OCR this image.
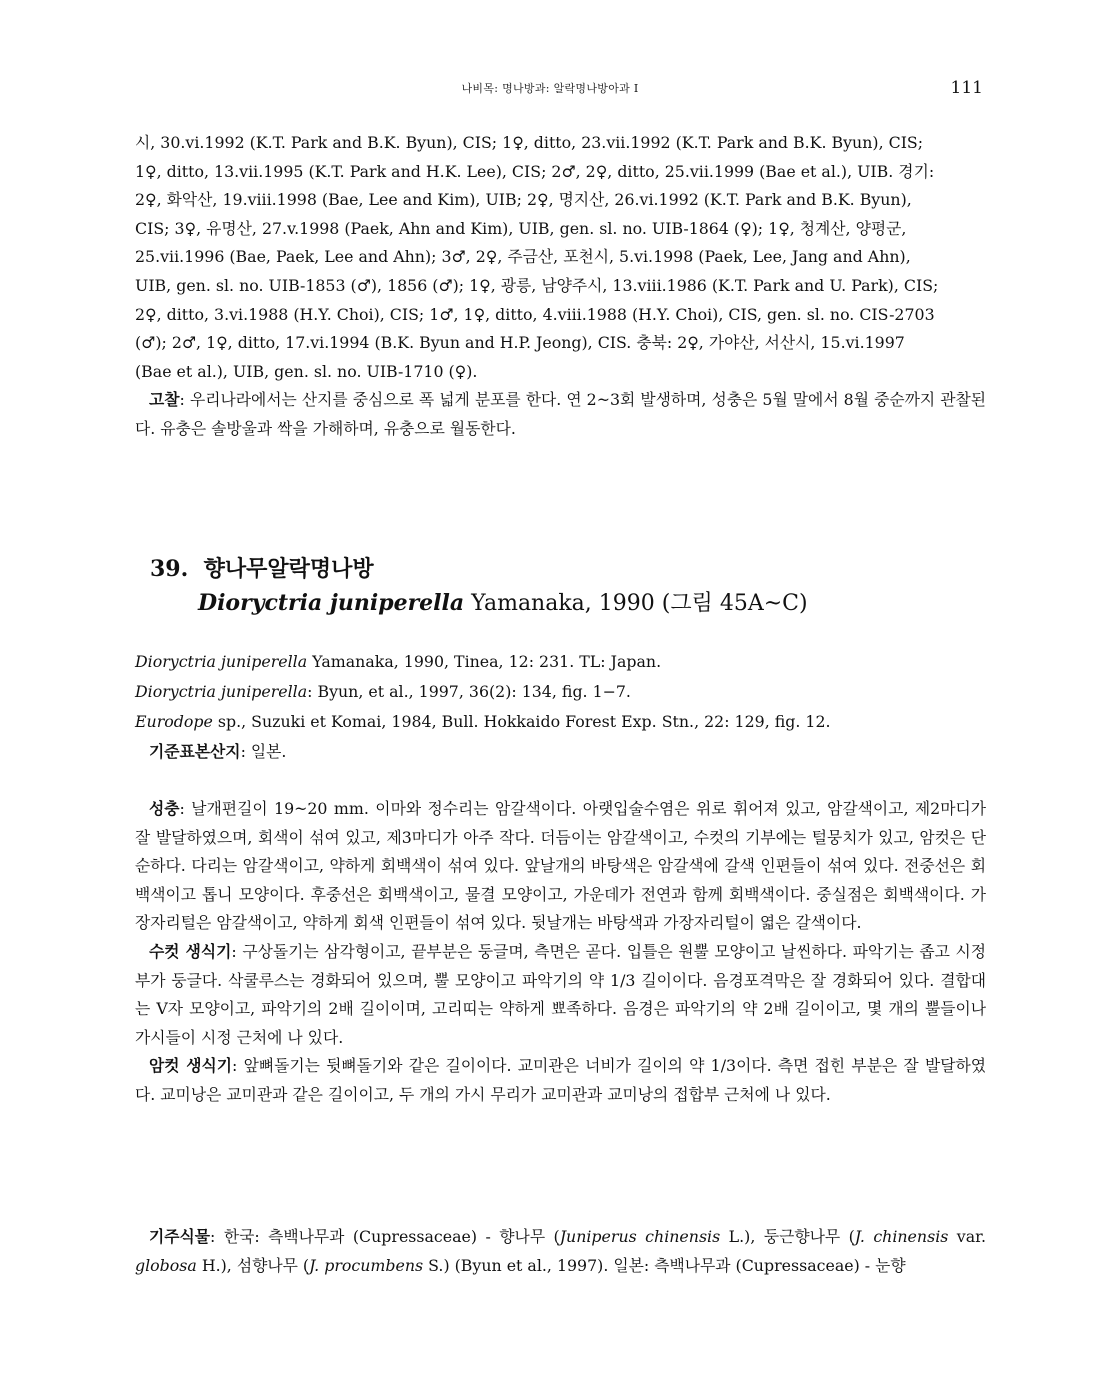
나비목: 명나방과: 알락명나방아과 I	111
시, 30.vi.1992 (K.T. Park and B.K. Byun), CIS; 1♀, ditto, 23.vii.1992 (K.T. Park and B.K. Byun), CIS;
1♀, ditto, 13.vii.1995 (K.T. Park and H.K. Lee), CIS; 2♂, 2♀, ditto, 25.vii.1999 (Bae et al.), UIB. 경기:
2♀, 화악산, 19.viii.1998 (Bae, Lee and Kim), UIB; 2♀, 명지산, 26.vi.1992 (K.T. Park and B.K. Byun),
CIS; 3♀, 유명산, 27.v.1998 (Paek, Ahn and Kim), UIB, gen. sl. no. UIB-1864 (♀); 1♀, 청계산, 양평군,
25.vii.1996 (Bae, Paek, Lee and Ahn); 3♂, 2♀, 주금산, 포천시, 5.vi.1998 (Paek, Lee, Jang and Ahn),
UIB, gen. sl. no. UIB-1853 (♂), 1856 (♂); 1♀, 광릉, 남양주시, 13.viii.1986 (K.T. Park and U. Park), CIS;
2♀, ditto, 3.vi.1988 (H.Y. Choi), CIS; 1♂, 1♀, ditto, 4.viii.1988 (H.Y. Choi), CIS, gen. sl. no. CIS-2703
(♂); 2♂, 1♀, ditto, 17.vi.1994 (B.K. Byun and H.P. Jeong), CIS. 충북: 2♀, 가야산, 서산시, 15.vi.1997
(Bae et al.), UIB, gen. sl. no. UIB-1710 (♀).

고찰: 우리나라에서는 산지를 중심으로 폭 넓게 분포를 한다. 연 2~3회 발생하며, 성충은 5월 말에서 8월 중순까지 관찰된다. 유충은 솔방울과 싹을 가해하며, 유충으로 월동한다.

39. 향나무알락명나방
Dioryctria juniperella Yamanaka, 1990 (그림 45A~C)
Dioryctria juniperella Yamanaka, 1990, Tinea, 12: 231. TL: Japan.
Dioryctria juniperella: Byun, et al., 1997, 36(2): 134, fig. 1−7.
Eurodope sp., Suzuki et Komai, 1984, Bull. Hokkaido Forest Exp. Stn., 22: 129, fig. 12.
기준표본산지: 일본.

성충: 날개편길이 19~20 mm. 이마와 정수리는 암갈색이다. 아랫입술수염은 위로 휘어져 있고, 암갈색이고, 제2마디가 잘 발달하였으며, 회색이 섞여 있고, 제3마디가 아주 작다. 더듬이는 암갈색이고, 수컷의 기부에는 털뭉치가 있고, 암컷은 단순하다. 다리는 암갈색이고, 약하게 회백색이 섞여 있다. 앞날개의 바탕색은 암갈색에 갈색 인편들이 섞여 있다. 전중선은 회백색이고 톱니 모양이다. 후중선은 회백색이고, 물결 모양이고, 가운데가 전연과 함께 회백색이다. 중실점은 회백색이다. 가장자리털은 암갈색이고, 약하게 회색 인편들이 섞여 있다. 뒷날개는 바탕색과 가장자리털이 엷은 갈색이다.

수컷 생식기: 구상돌기는 삼각형이고, 끝부분은 둥글며, 측면은 곧다. 입틀은 원뿔 모양이고 날씬하다. 파악기는 좁고 시정부가 둥글다. 삭쿨루스는 경화되어 있으며, 뿔 모양이고 파악기의 약 1/3 길이이다. 음경포격막은 잘 경화되어 있다. 결합대는 V자 모양이고, 파악기의 2배 길이이며, 고리띠는 약하게 뾰족하다. 음경은 파악기의 약 2배 길이이고, 몇 개의 뿔들이나 가시들이 시정 근처에 나 있다.

암컷 생식기: 앞뼈돌기는 뒷뼈돌기와 같은 길이이다. 교미관은 너비가 길이의 약 1/3이다. 측면 접힌 부분은 잘 발달하였다. 교미낭은 교미관과 같은 길이이고, 두 개의 가시 무리가 교미관과 교미낭의 접합부 근처에 나 있다.

기주식물: 한국: 측백나무과 (Cupressaceae) - 향나무 (Juniperus chinensis L.), 둥근향나무 (J. chinensis var. globosa H.), 섬향나무 (J. procumbens S.) (Byun et al., 1997). 일본: 측백나무과 (Cupressaceae) - 눈향
